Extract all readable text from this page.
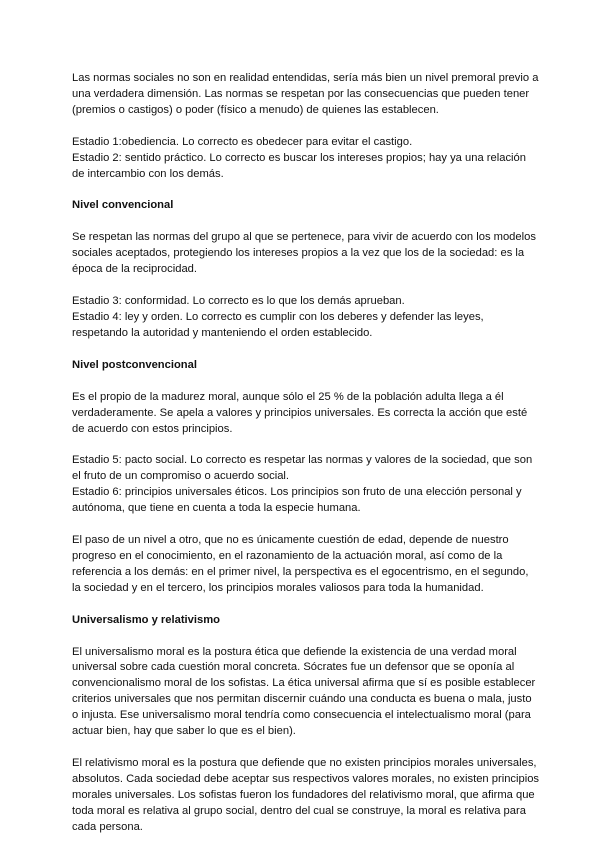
Las normas sociales no son en realidad entendidas, sería más bien un nivel premoral previo a una verdadera dimensión. Las normas se respetan por las consecuencias que pueden tener (premios o castigos) o poder (físico a menudo) de quienes las establecen.

Estadio 1:obediencia. Lo correcto es obedecer para evitar el castigo.

Estadio 2: sentido práctico. Lo correcto es buscar los intereses propios; hay ya una relación de intercambio con los demás.

Nivel convencional

Se respetan las normas del grupo al que se pertenece, para vivir de acuerdo con los modelos sociales aceptados, protegiendo los intereses propios a la vez que los de la sociedad: es la época de la reciprocidad.

Estadio 3: conformidad. Lo correcto es lo que los demás aprueban.

Estadio 4: ley y orden. Lo correcto es cumplir con los deberes y defender las leyes, respetando la autoridad y manteniendo el orden establecido.

Nivel postconvencional

Es el propio de la madurez moral, aunque sólo el 25 % de la población adulta llega a él verdaderamente. Se apela a valores y principios universales. Es correcta la acción que esté de acuerdo con estos principios.

Estadio 5: pacto social. Lo correcto es respetar las normas y valores de la sociedad, que son el fruto de un compromiso o acuerdo social.

Estadio 6: principios universales éticos. Los principios son fruto de una elección personal y autónoma, que tiene en cuenta a toda la especie humana.

El paso de un nivel a otro, que no es únicamente cuestión de edad, depende de nuestro progreso en el conocimiento, en el razonamiento de la actuación moral, así como de la referencia a los demás: en el primer nivel, la perspectiva es el egocentrismo, en el segundo, la sociedad y en el tercero, los principios morales valiosos para toda la humanidad.

Universalismo y relativismo

El universalismo moral es la postura ética que defiende la existencia de una verdad moral universal sobre cada cuestión moral concreta. Sócrates fue un defensor que se oponía al convencionalismo moral de los sofistas. La ética universal afirma que sí es posible establecer criterios universales que nos permitan discernir cuándo una conducta es buena o mala, justo o injusta. Ese universalismo moral tendría como consecuencia el intelectualismo moral (para actuar bien, hay que saber lo que es el bien).

El relativismo moral es la postura que defiende que no existen principios morales universales, absolutos. Cada sociedad debe aceptar sus respectivos valores morales, no existen principios morales universales. Los sofistas fueron los fundadores del relativismo moral, que afirma que toda moral es relativa al grupo social, dentro del cual se construye, la moral es relativa para cada persona.
